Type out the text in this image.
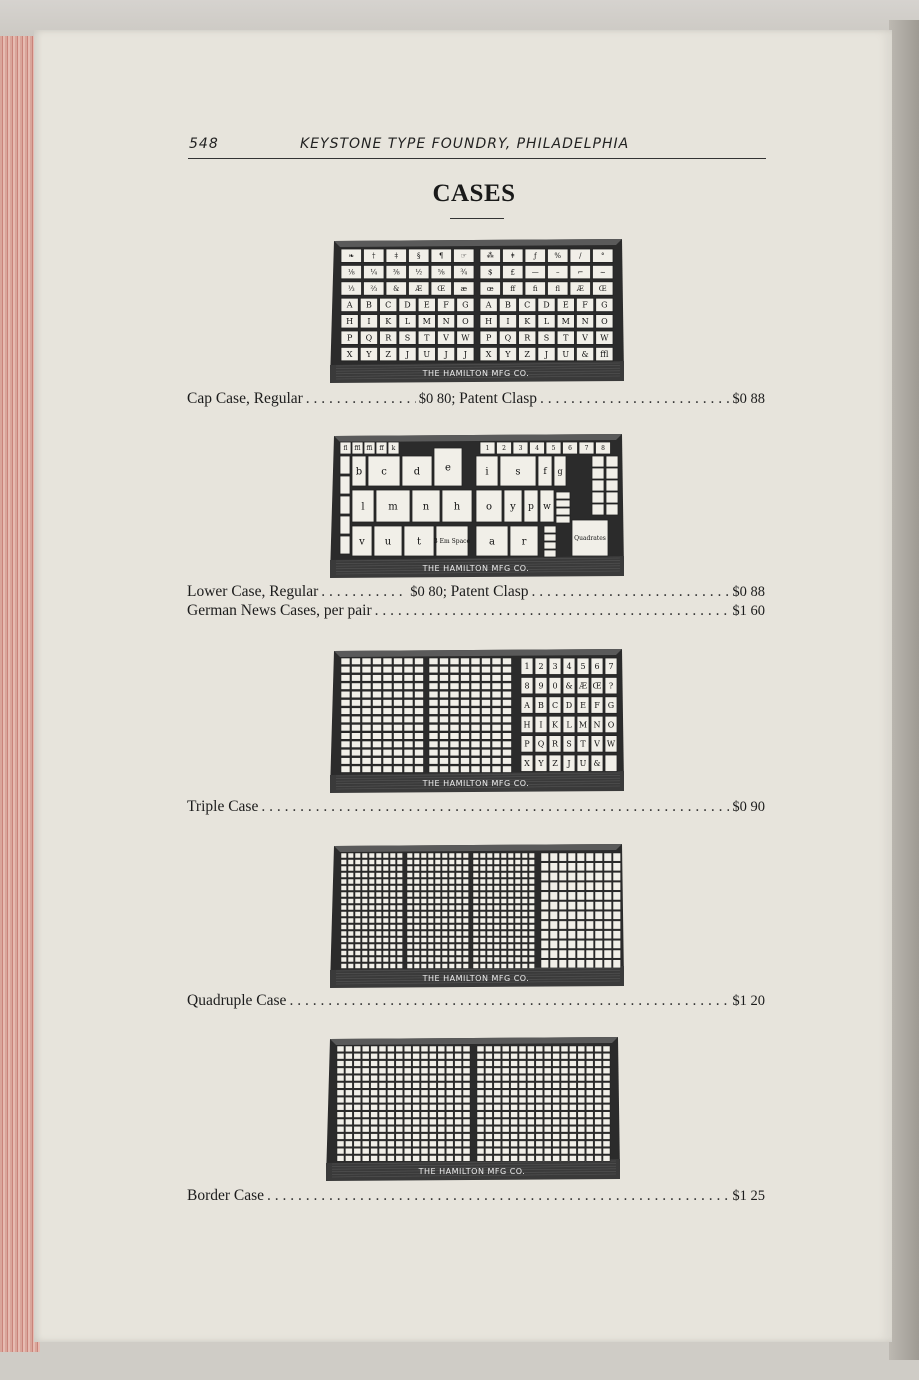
548	KEYSTONE TYPE FOUNDRY, PHILADELPHIA
CASES
THE HAMILTON MFG CO.
❧	†	‡	§	¶ ☞	⁂ ǂ	ƒ	%	/	°
⅛ ¼ ⅜ ½ ⅝ ¾	$	£ — –	⌐ ∼
⅓ ⅔ & Æ Œ æ	œ ﬀ	ﬁ	ﬂ Æ Œ
A B C D E F G A B C D E F G
H I K L M N O H I K L M N O
P Q R S T V W P Q R S T V W
X Y Z J U J J X Y Z J U & ffl
Cap Case, Regular . . .	$0 80 ; Patent Clasp . . .	$0 88
THE HAMILTON MFG CO.
fl ffl ffi ff k	1 2 3 4 5 6 7 8
b c	d e	i	s	f g
l m	n h	o y p w
v u	t 3 Em Space a	r	Quadrates
Lower Case, Regular . . .	$0 80 ; Patent Clasp . . .	$0 88
German News Cases, per pair . . .	$1 60
THE HAMILTON MFG CO.
1 2 3 4 5 6 7
8 9 0 & Æ Œ ?
A B C D E F G
H I K L M N O
P Q R S T V W
X Y Z J U &
Triple Case . . .	$0 90
THE HAMILTON MFG CO.
Quadruple Case . . .	$1 20
THE HAMILTON MFG CO.
Border Case . . .	$1 25
